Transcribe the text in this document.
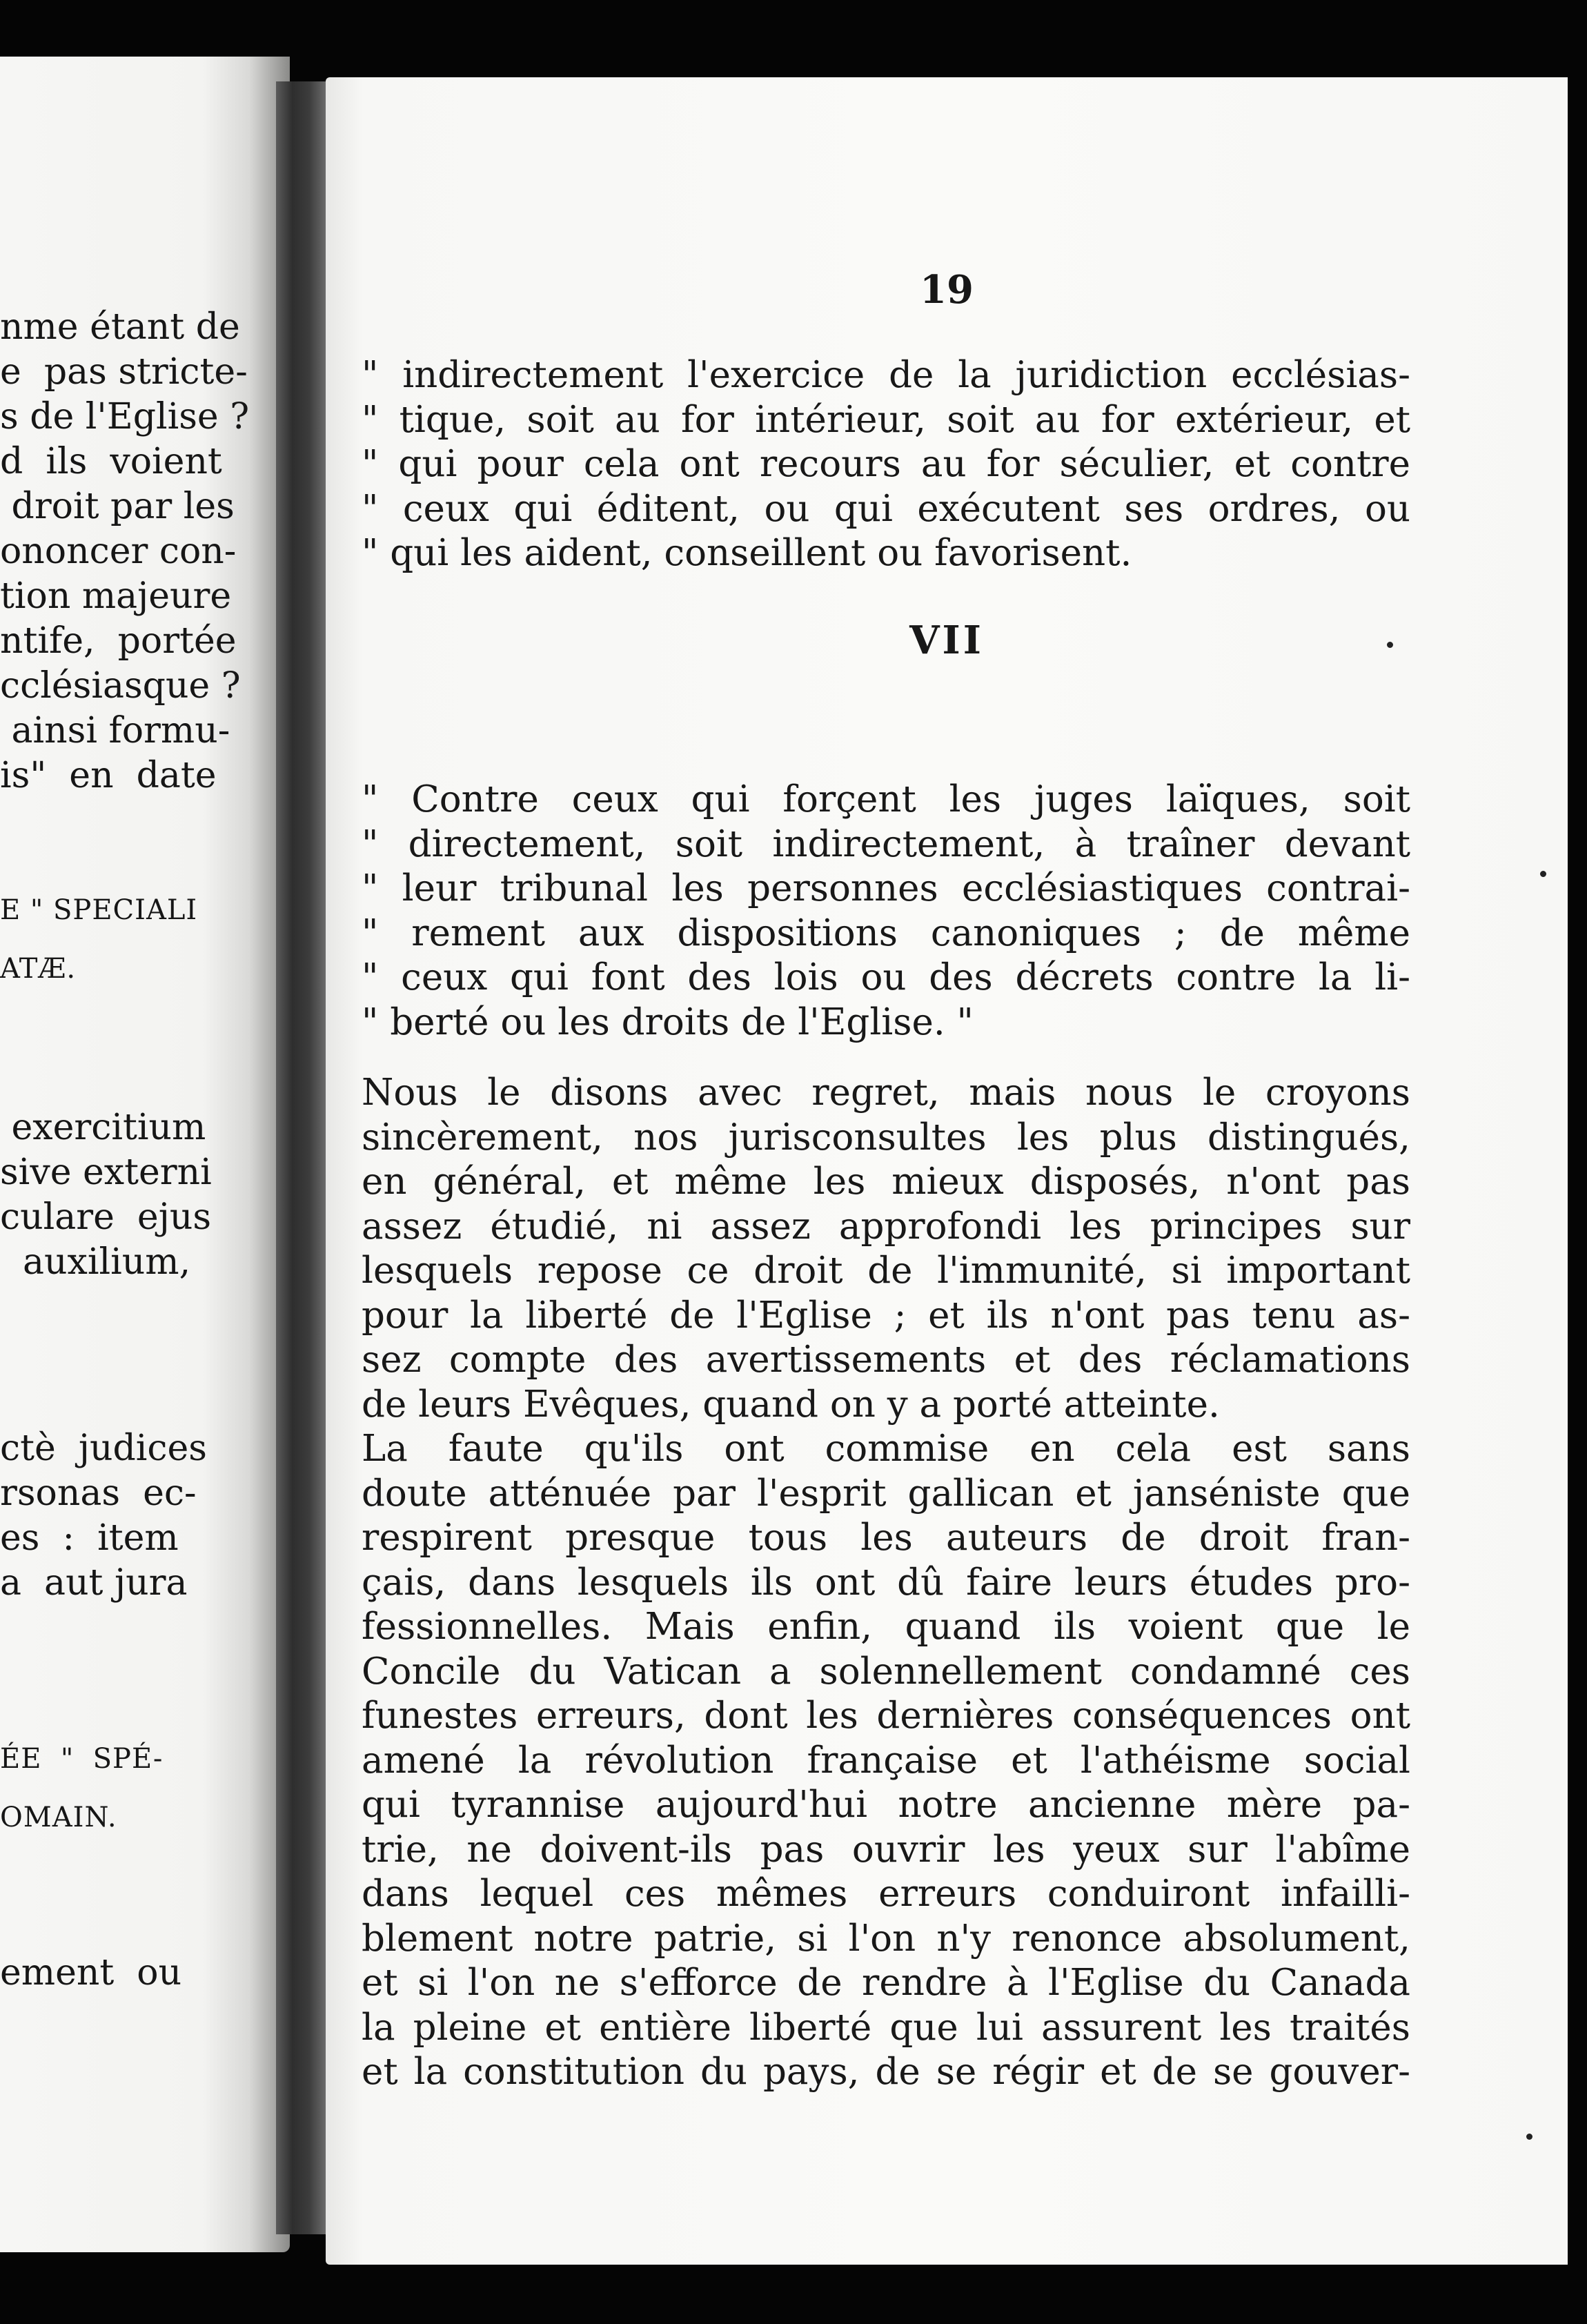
nme étant de

e  pas stricte-

s de l'Eglise ?

d  ils  voient

droit par les

ononcer con-

tion majeure

ntife,  portée

cclésiasque ?

ainsi formu-

is"  en  date

E " SPECIALI

ATÆ.

exercitium

sive externi

culare  ejus

auxilium,

ctè  judices

rsonas  ec-

es  :  item

a  aut jura

ÉE  "  SPÉ-

OMAIN.

ement  ou

19
" indirectement l'exercice de la juridiction ecclésias-
" tique, soit au for intérieur, soit au for extérieur, et
" qui pour cela ont recours au for séculier, et contre
" ceux qui éditent, ou qui exécutent ses ordres, ou
" qui les aident, conseillent ou favorisent.
VII
" Contre ceux qui forçent les juges laïques, soit
" directement, soit indirectement, à traîner devant
" leur tribunal les personnes ecclésiastiques contrai-
" rement aux dispositions canoniques ; de même
" ceux qui font des lois ou des décrets contre la li-
" berté ou les droits de l'Eglise. "
Nous le disons avec regret, mais nous le croyons
sincèrement, nos jurisconsultes les plus distingués,
en général, et même les mieux disposés, n'ont pas
assez étudié, ni assez approfondi les principes sur
lesquels repose ce droit de l'immunité, si important
pour la liberté de l'Eglise ; et ils n'ont pas tenu as-
sez compte des avertissements et des réclamations
de leurs Evêques, quand on y a porté atteinte.
La faute qu'ils ont commise en cela est sans
doute atténuée par l'esprit gallican et janséniste que
respirent presque tous les auteurs de droit fran-
çais, dans lesquels ils ont dû faire leurs études pro-
fessionnelles. Mais enfin, quand ils voient que le
Concile du Vatican a solennellement condamné ces
funestes erreurs, dont les dernières conséquences ont
amené la révolution française et l'athéisme social
qui tyrannise aujourd'hui notre ancienne mère pa-
trie, ne doivent-ils pas ouvrir les yeux sur l'abîme
dans lequel ces mêmes erreurs conduiront infailli-
blement notre patrie, si l'on n'y renonce absolument,
et si l'on ne s'efforce de rendre à l'Eglise du Canada
la pleine et entière liberté que lui assurent les traités
et la constitution du pays, de se régir et de se gouver-
